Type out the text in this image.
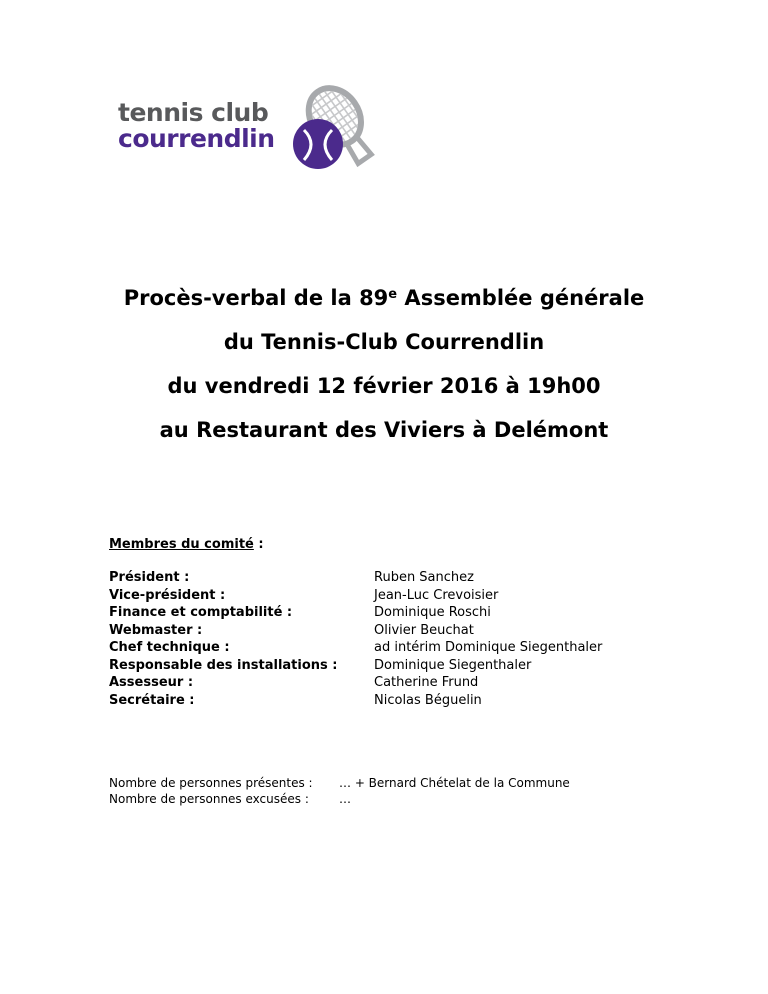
tennis club
courrendlin
Procès-verbal de la 89e Assemblée générale
du Tennis-Club Courrendlin
du vendredi 12 février 2016 à 19h00
au Restaurant des Viviers à Delémont
Membres du comité :
Président :
Vice-président :
Finance et comptabilité :
Webmaster :
Chef technique :
Responsable des installations :
Assesseur :
Secrétaire :
Ruben Sanchez
Jean-Luc Crevoisier
Dominique Roschi
Olivier Beuchat
ad intérim Dominique Siegenthaler
Dominique Siegenthaler
Catherine Frund
Nicolas Béguelin
Nombre de personnes présentes : … + Bernard Chételat de la Commune
Nombre de personnes excusées :	…
